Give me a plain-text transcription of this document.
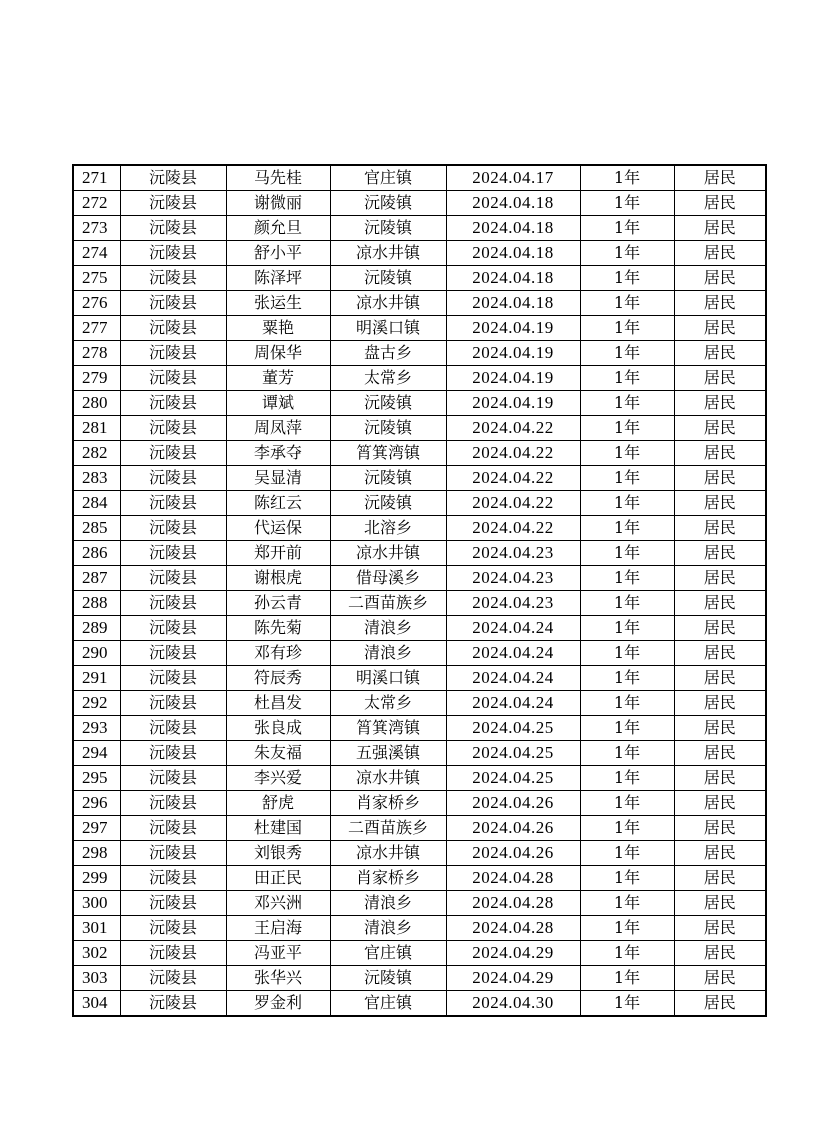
271	沅陵县	马先桂	官庄镇	2024.04.17	1年	居民
272	沅陵县	谢微丽	沅陵镇	2024.04.18	1年	居民
273	沅陵县	颜允旦	沅陵镇	2024.04.18	1年	居民
274	沅陵县	舒小平	凉水井镇	2024.04.18	1年	居民
275	沅陵县	陈泽坪	沅陵镇	2024.04.18	1年	居民
276	沅陵县	张运生	凉水井镇	2024.04.18	1年	居民
277	沅陵县	粟艳	明溪口镇	2024.04.19	1年	居民
278	沅陵县	周保华	盘古乡	2024.04.19	1年	居民
279	沅陵县	董芳	太常乡	2024.04.19	1年	居民
280	沅陵县	谭斌	沅陵镇	2024.04.19	1年	居民
281	沅陵县	周凤萍	沅陵镇	2024.04.22	1年	居民
282	沅陵县	李承夺	筲箕湾镇	2024.04.22	1年	居民
283	沅陵县	吴显清	沅陵镇	2024.04.22	1年	居民
284	沅陵县	陈红云	沅陵镇	2024.04.22	1年	居民
285	沅陵县	代运保	北溶乡	2024.04.22	1年	居民
286	沅陵县	郑开前	凉水井镇	2024.04.23	1年	居民
287	沅陵县	谢根虎	借母溪乡	2024.04.23	1年	居民
288	沅陵县	孙云青	二酉苗族乡	2024.04.23	1年	居民
289	沅陵县	陈先菊	清浪乡	2024.04.24	1年	居民
290	沅陵县	邓有珍	清浪乡	2024.04.24	1年	居民
291	沅陵县	符辰秀	明溪口镇	2024.04.24	1年	居民
292	沅陵县	杜昌发	太常乡	2024.04.24	1年	居民
293	沅陵县	张良成	筲箕湾镇	2024.04.25	1年	居民
294	沅陵县	朱友福	五强溪镇	2024.04.25	1年	居民
295	沅陵县	李兴爱	凉水井镇	2024.04.25	1年	居民
296	沅陵县	舒虎	肖家桥乡	2024.04.26	1年	居民
297	沅陵县	杜建国	二酉苗族乡	2024.04.26	1年	居民
298	沅陵县	刘银秀	凉水井镇	2024.04.26	1年	居民
299	沅陵县	田正民	肖家桥乡	2024.04.28	1年	居民
300	沅陵县	邓兴洲	清浪乡	2024.04.28	1年	居民
301	沅陵县	王启海	清浪乡	2024.04.28	1年	居民
302	沅陵县	冯亚平	官庄镇	2024.04.29	1年	居民
303	沅陵县	张华兴	沅陵镇	2024.04.29	1年	居民
304	沅陵县	罗金利	官庄镇	2024.04.30	1年	居民
